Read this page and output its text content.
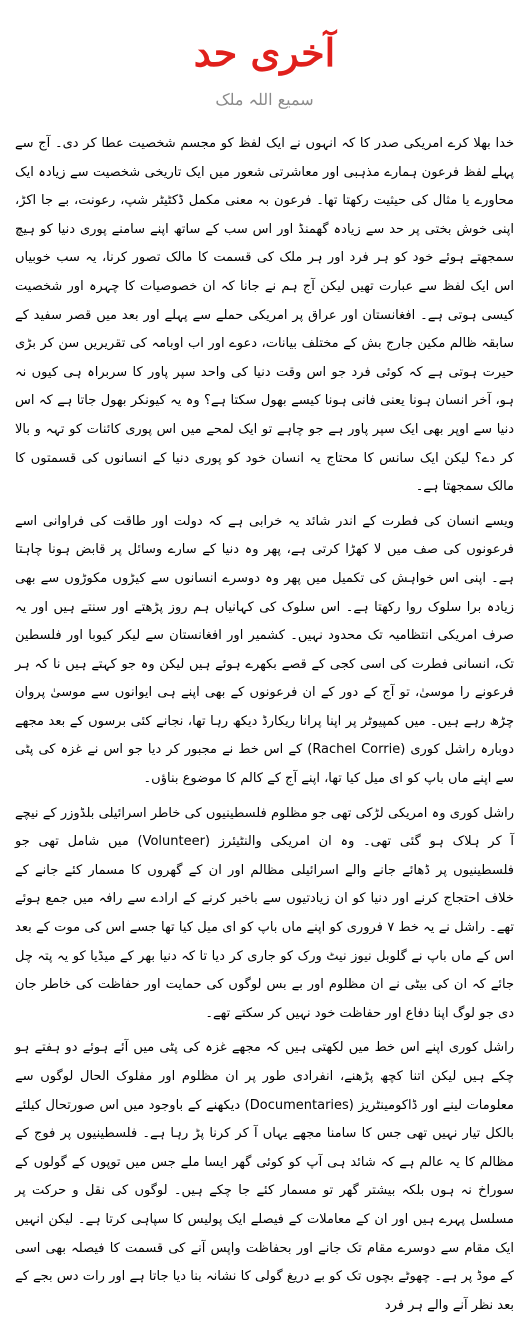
آخری حد
سمیع اللہ ملک

خدا بھلا کرے امریکی صدر کا کہ انہوں نے ایک لفظ کو مجسم شخصیت عطا کر دی۔ آج سے پہلے لفظ فرعون ہمارے مذہبی اور معاشرتی شعور میں ایک تاریخی شخصیت سے زیادہ ایک محاورے یا مثال کی حیثیت رکھتا تھا۔ فرعون بہ معنی مکمل ڈکٹیٹر شپ، رعونت، بے جا اکڑ، اپنی خوش بختی پر حد سے زیادہ گھمنڈ اور اس سب کے ساتھ اپنے سامنے پوری دنیا کو ہیچ سمجھتے ہوئے خود کو ہر فرد اور ہر ملک کی قسمت کا مالک تصور کرنا، یہ سب خوبیاں اس ایک لفظ سے عبارت تھیں لیکن آج ہم نے جانا کہ ان خصوصیات کا چہرہ اور شخصیت کیسی ہوتی ہے۔ افغانستان اور عراق پر امریکی حملے سے پہلے اور بعد میں قصر سفید کے سابقہ ظالم مکین جارج بش کے مختلف بیانات، دعوے اور اب اوبامہ کی تقریریں سن کر بڑی حیرت ہوتی ہے کہ کوئی فرد جو اس وقت دنیا کی واحد سپر پاور کا سربراہ ہی کیوں نہ ہو، آخر انسان ہونا یعنی فانی ہونا کیسے بھول سکتا ہے؟ وہ یہ کیونکر بھول جاتا ہے کہ اس دنیا سے اوپر بھی ایک سپر پاور ہے جو چاہے تو ایک لمحے میں اس پوری کائنات کو تہہ و بالا کر دے؟ لیکن ایک سانس کا محتاج یہ انسان خود کو پوری دنیا کے انسانوں کی قسمتوں کا مالک سمجھتا ہے۔

ویسے انسان کی فطرت کے اندر شائد یہ خرابی ہے کہ دولت اور طاقت کی فراوانی اسے فرعونوں کی صف میں لا کھڑا کرتی ہے، پھر وہ دنیا کے سارے وسائل پر قابض ہونا چاہتا ہے۔ اپنی اس خواہش کی تکمیل میں پھر وہ دوسرے انسانوں سے کیڑوں مکوڑوں سے بھی زیادہ برا سلوک روا رکھتا ہے۔ اس سلوک کی کہانیاں ہم روز پڑھتے اور سنتے ہیں اور یہ صرف امریکی انتظامیہ تک محدود نہیں۔ کشمیر اور افغانستان سے لیکر کیوبا اور فلسطین تک، انسانی فطرت کی اسی کجی کے قصے بکھرے ہوئے ہیں لیکن وہ جو کہتے ہیں نا کہ ہر فرعونے را موسیٰ، تو آج کے دور کے ان فرعونوں کے بھی اپنے ہی ایوانوں سے موسیٰ پروان چڑھ رہے ہیں۔ میں کمپیوٹر پر اپنا پرانا ریکارڈ دیکھ رہا تھا، نجانے کئی برسوں کے بعد مجھے دوبارہ راشل کوری (Rachel Corrie) کے اس خط نے مجبور کر دیا جو اس نے غزہ کی پٹی سے اپنے ماں باپ کو ای میل کیا تھا، اپنے آج کے کالم کا موضوع بناؤں۔

راشل کوری وہ امریکی لڑکی تھی جو مظلوم فلسطینیوں کی خاطر اسرائیلی بلڈوزر کے نیچے آ کر ہلاک ہو گئی تھی۔ وہ ان امریکی والنٹیئرز (Volunteer) میں شامل تھی جو فلسطینیوں پر ڈھائے جانے والے اسرائیلی مظالم اور ان کے گھروں کا مسمار کئے جانے کے خلاف احتجاج کرنے اور دنیا کو ان زیادتیوں سے باخبر کرنے کے ارادے سے رافہ میں جمع ہوئے تھے۔ راشل نے یہ خط ۷ فروری کو اپنے ماں باپ کو ای میل کیا تھا جسے اس کی موت کے بعد اس کے ماں باپ نے گلوبل نیوز نیٹ ورک کو جاری کر دیا تا کہ دنیا بھر کے میڈیا کو یہ پتہ چل جائے کہ ان کی بیٹی نے ان مظلوم اور بے بس لوگوں کی حمایت اور حفاظت کی خاطر جان دی جو لوگ اپنا دفاع اور حفاظت خود نہیں کر سکتے تھے۔

راشل کوری اپنے اس خط میں لکھتی ہیں کہ مجھے غزہ کی پٹی میں آئے ہوئے دو ہفتے ہو چکے ہیں لیکن اتنا کچھ پڑھنے، انفرادی طور پر ان مظلوم اور مفلوک الحال لوگوں سے معلومات لینے اور ڈاکومینٹریز (Documentaries) دیکھنے کے باوجود میں اس صورتحال کیلئے بالکل تیار نہیں تھی جس کا سامنا مجھے یہاں آ کر کرنا پڑ رہا ہے۔ فلسطینیوں پر فوج کے مظالم کا یہ عالم ہے کہ شائد ہی آپ کو کوئی گھر ایسا ملے جس میں توپوں کے گولوں کے سوراخ نہ ہوں بلکہ بیشتر گھر تو مسمار کئے جا چکے ہیں۔ لوگوں کی نقل و حرکت پر مسلسل پہرے ہیں اور ان کے معاملات کے فیصلے ایک پولیس کا سپاہی کرتا ہے۔ لیکن انہیں ایک مقام سے دوسرے مقام تک جانے اور بحفاظت واپس آنے کی قسمت کا فیصلہ بھی اسی کے موڈ پر ہے۔ چھوٹے بچوں تک کو بے دریغ گولی کا نشانہ بنا دیا جاتا ہے اور رات دس بجے کے بعد نظر آنے والے ہر فرد
